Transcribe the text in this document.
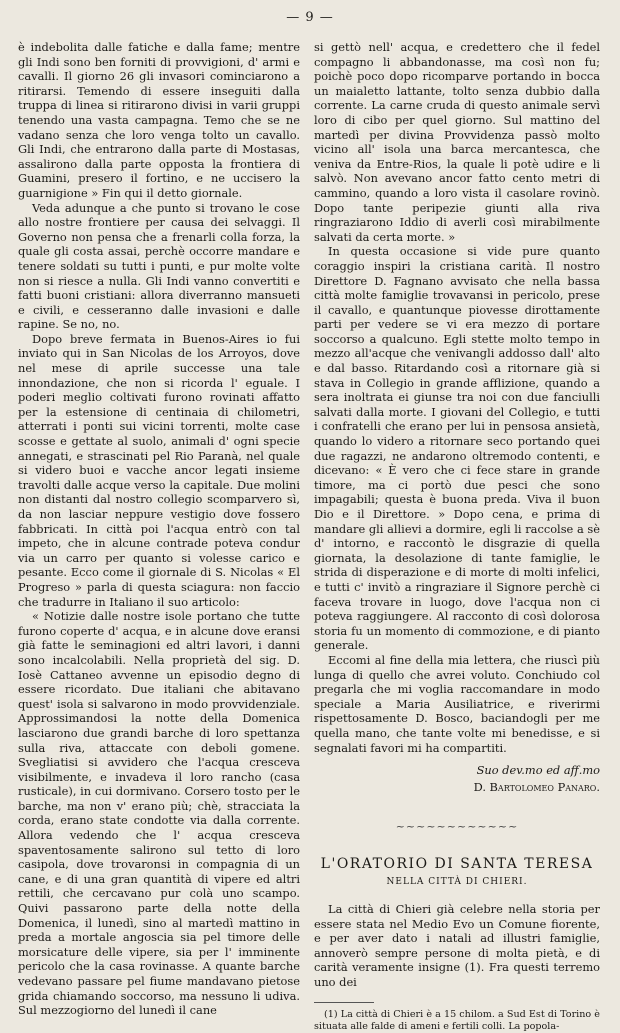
— 9 —

è indebolita dalle fatiche e dalla fame; mentre gli Indi sono ben forniti di provvigioni, d' armi e cavalli. Il giorno 26 gli invasori cominciarono a ritirarsi. Temendo di essere inseguiti dalla truppa di linea si ritirarono divisi in varii gruppi tenendo una vasta campagna. Temo che se ne vadano senza che loro venga tolto un cavallo. Gli Indi, che entrarono dalla parte di Mostasas, assalirono dalla parte opposta la frontiera di Guamini, presero il fortino, e ne uccisero la guarnigione » Fin qui il detto giornale.

Veda adunque a che punto si trovano le cose allo nostre frontiere per causa dei selvaggi. Il Governo non pensa che a frenarli colla forza, la quale gli costa assai, perchè occorre mandare e tenere soldati su tutti i punti, e pur molte volte non si riesce a nulla. Gli Indi vanno convertiti e fatti buoni cristiani: allora diverranno mansueti e civili, e cesseranno dalle invasioni e dalle rapine. Se no, no.

Dopo breve fermata in Buenos-Aires io fui inviato qui in San Nicolas de los Arroyos, dove nel mese di aprile successe una tale innondazione, che non si ricorda l' eguale. I poderi meglio coltivati furono rovinati affatto per la estensione di centinaia di chilometri, atterrati i ponti sui vicini torrenti, molte case scosse e gettate al suolo, animali d' ogni specie annegati, e strascinati pel Rio Paranà, nel quale si videro buoi e vacche ancor legati insieme travolti dalle acque verso la capitale. Due molini non distanti dal nostro collegio scomparvero sì, da non lasciar neppure vestigio dove fossero fabbricati. In città poi l'acqua entrò con tal impeto, che in alcune contrade poteva condur via un carro per quanto si volesse carico e pesante. Ecco come il giornale di S. Nicolas « El Progreso » parla di questa sciagura: non faccio che tradurre in Italiano il suo articolo:

« Notizie dalle nostre isole portano che tutte furono coperte d' acqua, e in alcune dove eransi già fatte le seminagioni ed altri lavori, i danni sono incalcolabili. Nella proprietà del sig. D. Iosè Cattaneo avvenne un episodio degno di essere ricordato. Due italiani che abitavano quest' isola si salvarono in modo provvidenziale. Approssimandosi la notte della Domenica lasciarono due grandi barche di loro spettanza sulla riva, attaccate con deboli gomene. Svegliatisi si avvidero che l'acqua cresceva visibilmente, e invadeva il loro rancho (casa rusticale), in cui dormivano. Corsero tosto per le barche, ma non v' erano più; chè, stracciata la corda, erano state condotte via dalla corrente. Allora vedendo che l' acqua cresceva spaventosamente salirono sul tetto di loro casipola, dove trovaronsi in compagnia di un cane, e di una gran quantità di vipere ed altri rettili, che cercavano pur colà uno scampo. Quivi passarono parte della notte della Domenica, il lunedì, sino al martedì mattino in preda a mortale angoscia sia pel timore delle morsicature delle vipere, sia per l' imminente pericolo che la casa rovinasse. A quante barche vedevano passare pel fiume mandavano pietose grida chiamando soccorso, ma nessuno li udiva. Sul mezzogiorno del lunedì il cane

si gettò nell' acqua, e credettero che il fedel compagno li abbandonasse, ma così non fu; poichè poco dopo ricomparve portando in bocca un maialetto lattante, tolto senza dubbio dalla corrente. La carne cruda di questo animale servì loro di cibo per quel giorno. Sul mattino del martedì per divina Provvidenza passò molto vicino all' isola una barca mercantesca, che veniva da Entre-Rios, la quale li potè udire e li salvò. Non avevano ancor fatto cento metri di cammino, quando a loro vista il casolare rovinò. Dopo tante peripezie giunti alla riva ringraziarono Iddio di averli così mirabilmente salvati da certa morte. »

In questa occasione si vide pure quanto coraggio inspiri la cristiana carità. Il nostro Direttore D. Fagnano avvisato che nella bassa città molte famiglie trovavansi in pericolo, prese il cavallo, e quantunque piovesse dirottamente parti per vedere se vi era mezzo di portare soccorso a qualcuno. Egli stette molto tempo in mezzo all'acque che venivangli addosso dall' alto e dal basso. Ritardando così a ritornare già si stava in Collegio in grande afflizione, quando a sera inoltrata ei giunse tra noi con due fanciulli salvati dalla morte. I giovani del Collegio, e tutti i confratelli che erano per lui in pensosa ansietà, quando lo videro a ritornare seco portando quei due ragazzi, ne andarono oltremodo contenti, e dicevano: « È vero che ci fece stare in grande timore, ma ci portò due pesci che sono impagabili; questa è buona preda. Viva il buon Dio e il Direttore. » Dopo cena, e prima di mandare gli allievi a dormire, egli li raccolse a sè d' intorno, e raccontò le disgrazie di quella giornata, la desolazione di tante famiglie, le strida di disperazione e di morte di molti infelici, e tutti c' invitò a ringraziare il Signore perchè ci faceva trovare in luogo, dove l'acqua non ci poteva raggiungere. Al racconto di così dolorosa storia fu un momento di commozione, e di pianto generale.

Eccomi al fine della mia lettera, che riuscì più lunga di quello che avrei voluto. Conchiudo col pregarla che mi voglia raccomandare in modo speciale a Maria Ausiliatrice, e riverirmi rispettosamente D. Bosco, baciandogli per me quella mano, che tante volte mi benedisse, e si segnalati favori mi ha compartiti.

Suo dev.mo ed aff.mo
D. Bartolomeo Panaro.
~~~~~~~~~~~~
L'ORATORIO DI SANTA TERESA
NELLA CITTÀ DI CHIERI.

La città di Chieri già celebre nella storia per essere stata nel Medio Evo un Comune fiorente, e per aver dato i natali ad illustri famiglie, annoverò sempre persone di molta pietà, e di carità veramente insigne (1). Fra questi terremo uno dei

(1) La città di Chieri è a 15 chilom. a Sud Est di Torino è situata alle falde di ameni e fertili colli. La popola-
